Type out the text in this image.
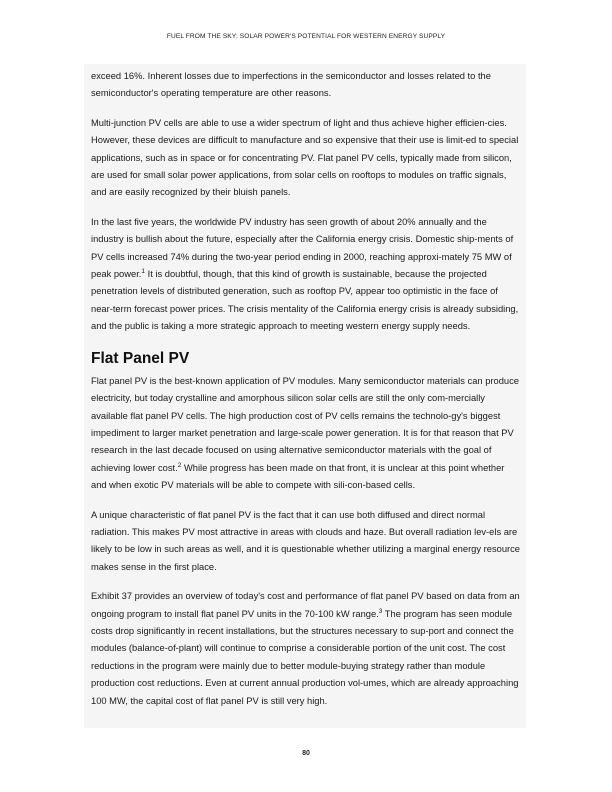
FUEL FROM THE SKY: SOLAR POWER'S POTENTIAL FOR WESTERN ENERGY SUPPLY

exceed 16%. Inherent losses due to imperfections in the semiconductor and losses related to the semiconductor's operating temperature are other reasons.

Multi-junction PV cells are able to use a wider spectrum of light and thus achieve higher efficien-cies. However, these devices are difficult to manufacture and so expensive that their use is limit-ed to special applications, such as in space or for concentrating PV. Flat panel PV cells, typically made from silicon, are used for small solar power applications, from solar cells on rooftops to modules on traffic signals, and are easily recognized by their bluish panels.

In the last five years, the worldwide PV industry has seen growth of about 20% annually and the industry is bullish about the future, especially after the California energy crisis. Domestic ship-ments of PV cells increased 74% during the two-year period ending in 2000, reaching approxi-mately 75 MW of peak power.$^1$ It is doubtful, though, that this kind of growth is sustainable, because the projected penetration levels of distributed generation, such as rooftop PV, appear too optimistic in the face of near-term forecast power prices. The crisis mentality of the California energy crisis is already subsiding, and the public is taking a more strategic approach to meeting western energy supply needs.

Flat Panel PV

Flat panel PV is the best-known application of PV modules. Many semiconductor materials can produce electricity, but today crystalline and amorphous silicon solar cells are still the only com-mercially available flat panel PV cells. The high production cost of PV cells remains the technolo-gy's biggest impediment to larger market penetration and large-scale power generation. It is for that reason that PV research in the last decade focused on using alternative semiconductor materials with the goal of achieving lower cost.$^2$ While progress has been made on that front, it is unclear at this point whether and when exotic PV materials will be able to compete with sili-con-based cells.

A unique characteristic of flat panel PV is the fact that it can use both diffused and direct normal radiation. This makes PV most attractive in areas with clouds and haze. But overall radiation lev-els are likely to be low in such areas as well, and it is questionable whether utilizing a marginal energy resource makes sense in the first place.

Exhibit 37 provides an overview of today's cost and performance of flat panel PV based on data from an ongoing program to install flat panel PV units in the 70-100 kW range.$^3$ The program has seen module costs drop significantly in recent installations, but the structures necessary to sup-port and connect the modules (balance-of-plant) will continue to comprise a considerable portion of the unit cost. The cost reductions in the program were mainly due to better module-buying strategy rather than module production cost reductions. Even at current annual production vol-umes, which are already approaching 100 MW, the capital cost of flat panel PV is still very high.

80
